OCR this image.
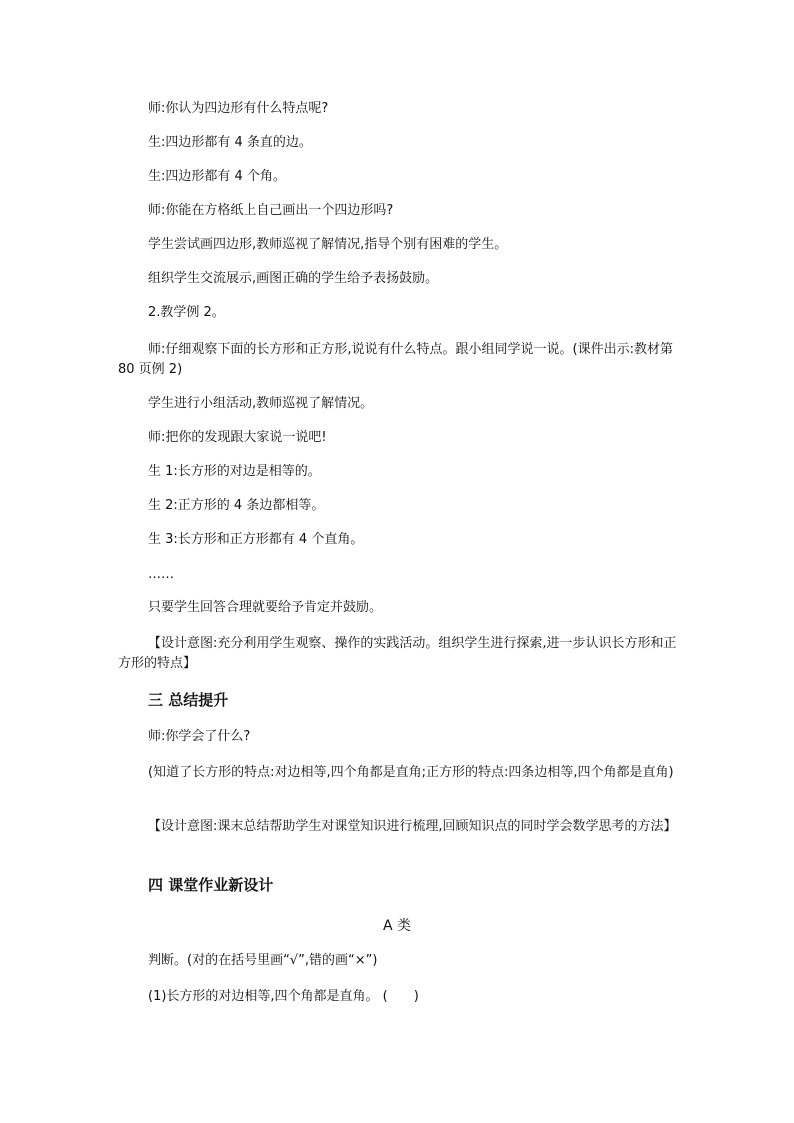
师:你认为四边形有什么特点呢?

生:四边形都有 4 条直的边。

生:四边形都有 4 个角。

师:你能在方格纸上自己画出一个四边形吗?

学生尝试画四边形,教师巡视了解情况,指导个别有困难的学生。

组织学生交流展示,画图正确的学生给予表扬鼓励。

2.教学例 2。

师:仔细观察下面的长方形和正方形,说说有什么特点。跟小组同学说一说。(课件出示:教材第 80 页例 2)

学生进行小组活动,教师巡视了解情况。

师:把你的发现跟大家说一说吧!

生 1:长方形的对边是相等的。

生 2:正方形的 4 条边都相等。

生 3:长方形和正方形都有 4 个直角。

……

只要学生回答合理就要给予肯定并鼓励。

【设计意图:充分利用学生观察、操作的实践活动。组织学生进行探索,进一步认识长方形和正方形的特点】

三 总结提升

师:你学会了什么?

(知道了长方形的特点:对边相等,四个角都是直角;正方形的特点:四条边相等,四个角都是直角)

【设计意图:课末总结帮助学生对课堂知识进行梳理,回顾知识点的同时学会数学思考的方法】

四 课堂作业新设计

A 类

判断。(对的在括号里画“√”,错的画“×”)

(1)长方形的对边相等,四个角都是直角。 (　　)
